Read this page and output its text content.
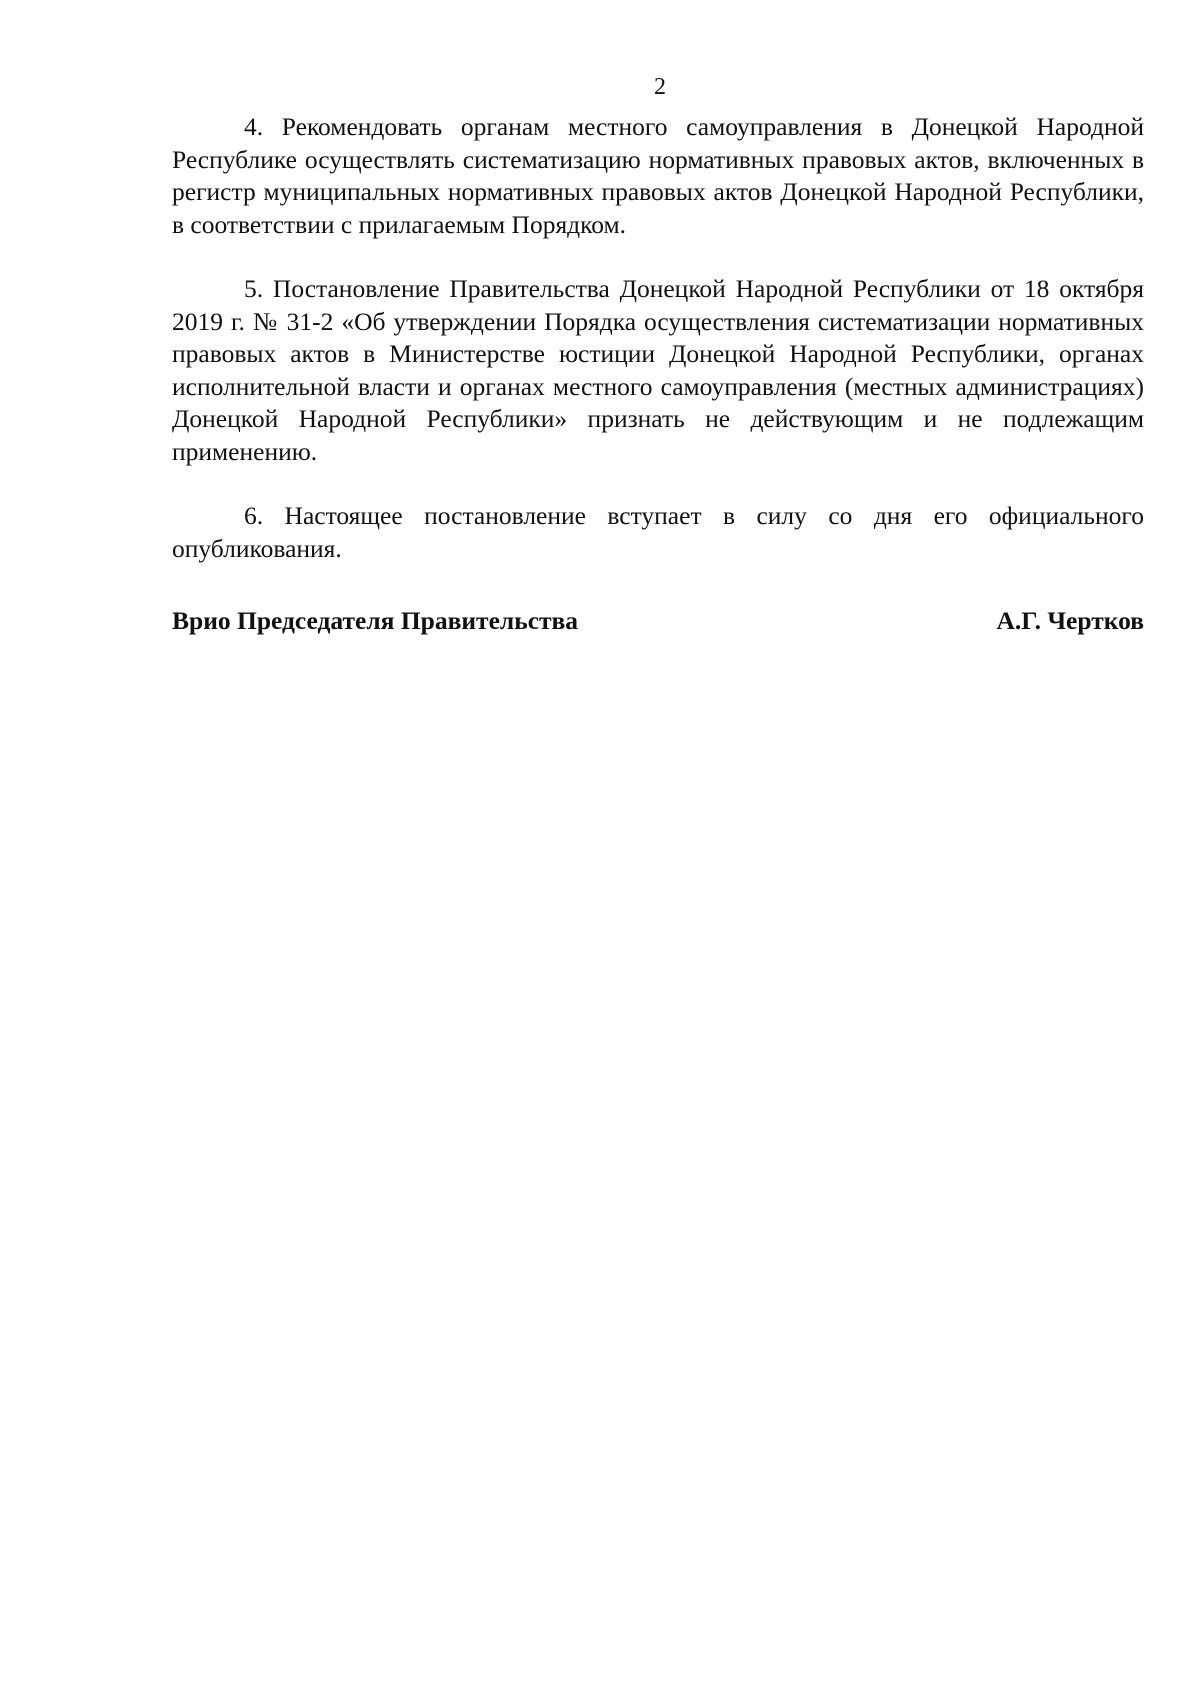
2

4. Рекомендовать органам местного самоуправления в Донецкой Народной Республике осуществлять систематизацию нормативных правовых актов, включенных в регистр муниципальных нормативных правовых актов Донецкой Народной Республики, в соответствии с прилагаемым Порядком.

5. Постановление Правительства Донецкой Народной Республики от 18 октября 2019 г. № 31-2 «Об утверждении Порядка осуществления систематизации нормативных правовых актов в Министерстве юстиции Донецкой Народной Республики, органах исполнительной власти и органах местного самоуправления (местных администрациях) Донецкой Народной Республики» признать не действующим и не подлежащим применению.

6. Настоящее постановление вступает в силу со дня его официального опубликования.

Врио Председателя Правительства	А.Г. Чертков
